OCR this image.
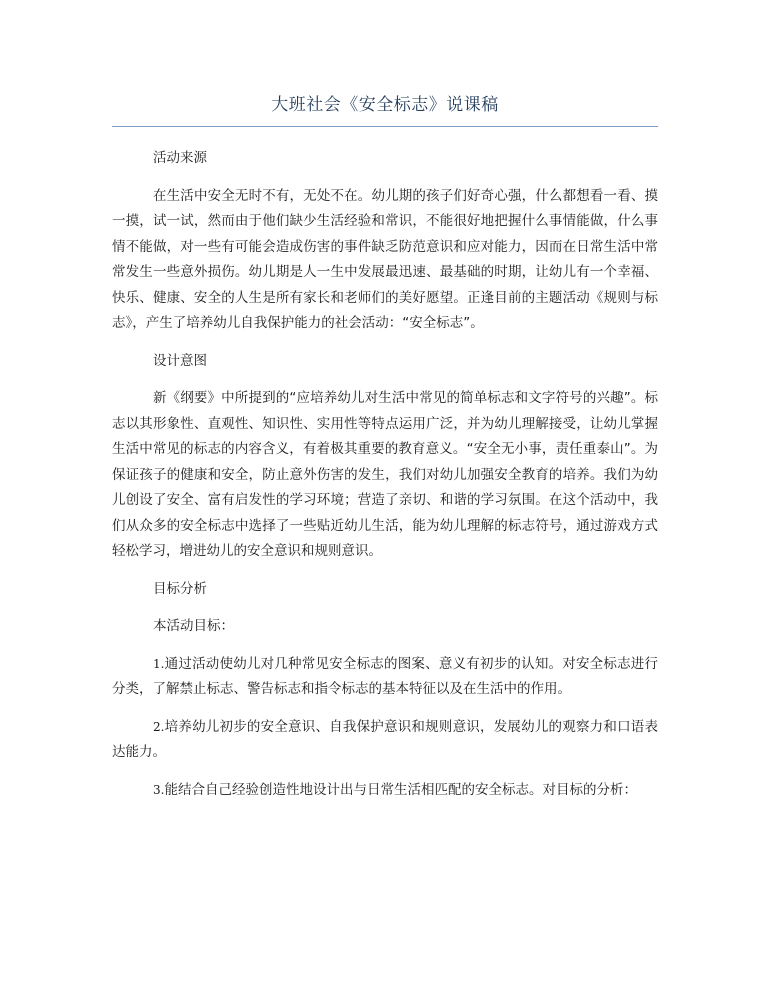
大班社会《安全标志》说课稿

活动来源

在生活中安全无时不有，无处不在。幼儿期的孩子们好奇心强，什么都想看一看、摸一摸，试一试，然而由于他们缺少生活经验和常识，不能很好地把握什么事情能做，什么事情不能做，对一些有可能会造成伤害的事件缺乏防范意识和应对能力，因而在日常生活中常常发生一些意外损伤。幼儿期是人一生中发展最迅速、最基础的时期，让幼儿有一个幸福、快乐、健康、安全的人生是所有家长和老师们的美好愿望。正逢目前的主题活动《规则与标志》，产生了培养幼儿自我保护能力的社会活动：“安全标志”。

设计意图

新《纲要》中所提到的“应培养幼儿对生活中常见的简单标志和文字符号的兴趣”。标志以其形象性、直观性、知识性、实用性等特点运用广泛，并为幼儿理解接受，让幼儿掌握生活中常见的标志的内容含义，有着极其重要的教育意义。“安全无小事，责任重泰山”。为保证孩子的健康和安全，防止意外伤害的发生，我们对幼儿加强安全教育的培养。我们为幼儿创设了安全、富有启发性的学习环境；营造了亲切、和谐的学习氛围。在这个活动中，我们从众多的安全标志中选择了一些贴近幼儿生活，能为幼儿理解的标志符号，通过游戏方式轻松学习，增进幼儿的安全意识和规则意识。

目标分析

本活动目标：

1.通过活动使幼儿对几种常见安全标志的图案、意义有初步的认知。对安全标志进行分类，了解禁止标志、警告标志和指令标志的基本特征以及在生活中的作用。

2.培养幼儿初步的安全意识、自我保护意识和规则意识，发展幼儿的观察力和口语表达能力。

3.能结合自己经验创造性地设计出与日常生活相匹配的安全标志。对目标的分析：
